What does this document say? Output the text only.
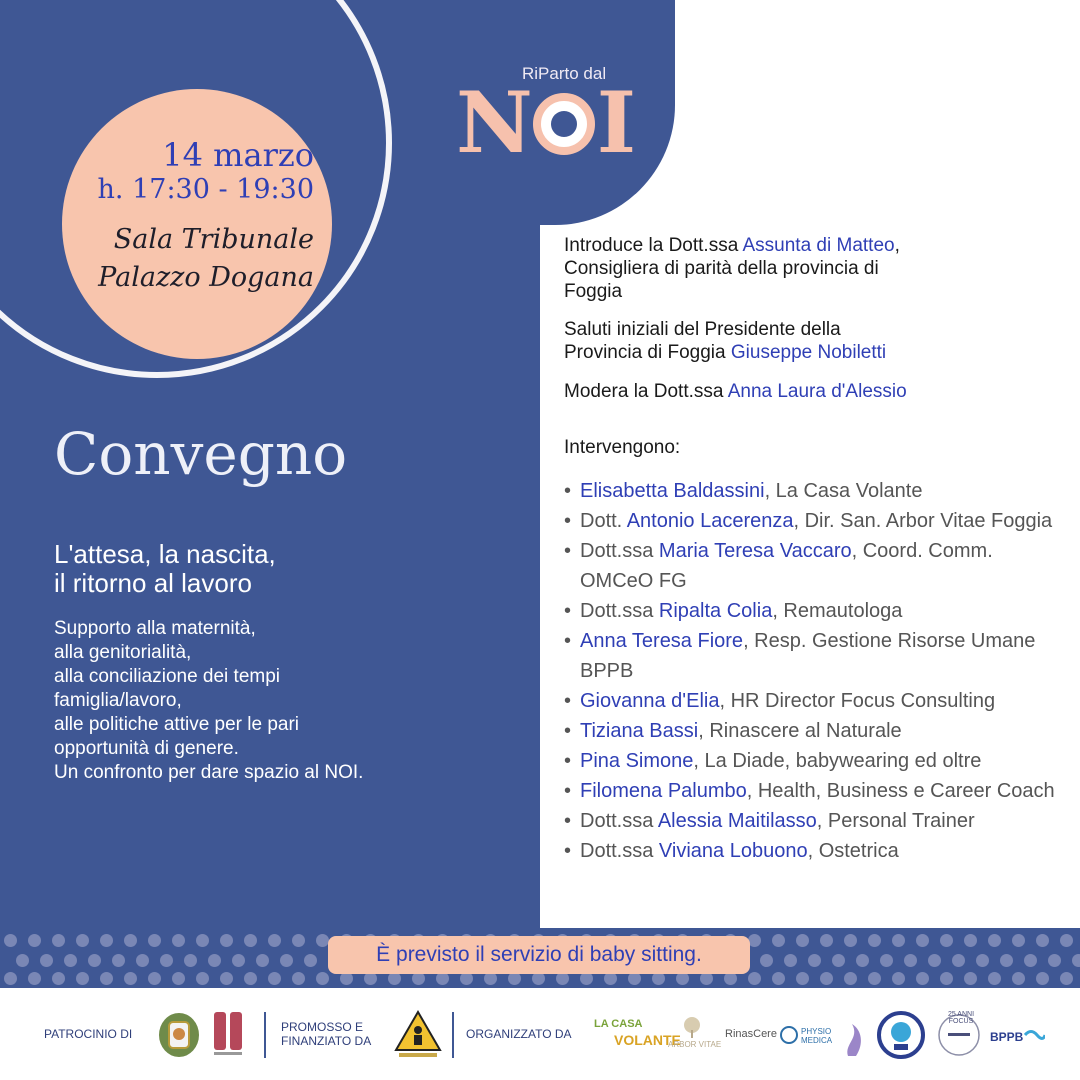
RiParto dal
N I
14 marzo
h. 17:30 - 19:30
Sala Tribunale
Palazzo Dogana
Convegno
L'attesa, la nascita,
il ritorno al lavoro
Supporto alla maternità,
alla genitorialità,
alla conciliazione dei tempi
famiglia/lavoro,
alle politiche attive per le pari
opportunità di genere.
Un confronto per dare spazio al NOI.
Introduce la Dott.ssa Assunta di Matteo,
Consigliera di parità della provincia di
Foggia
Saluti iniziali del Presidente della
Provincia di Foggia Giuseppe Nobiletti
Modera la Dott.ssa Anna Laura d'Alessio
Intervengono:
• Elisabetta Baldassini, La Casa Volante
• Dott. Antonio Lacerenza, Dir. San. Arbor Vitae Foggia
• Dott.ssa Maria Teresa Vaccaro, Coord. Comm. OMCeO FG
• Dott.ssa Ripalta Colia, Remautologa
• Anna Teresa Fiore, Resp. Gestione Risorse Umane BPPB
• Giovanna d'Elia, HR Director Focus Consulting
• Tiziana Bassi, Rinascere al Naturale
• Pina Simone, La Diade, babywearing ed oltre
• Filomena Palumbo, Health, Business e Career Coach
• Dott.ssa Alessia Maitilasso, Personal Trainer
• Dott.ssa Viviana Lobuono, Ostetrica
È previsto il servizio di baby sitting.
PATROCINIO DI	PROMOSSO E
FINANZIATO DA	ORGANIZZATO DA
LA CASA
VOLANTE
ARBOR VITAE
RinasCere	PHYSIO MEDICA
25 ANNI FOCUS
BPPB
